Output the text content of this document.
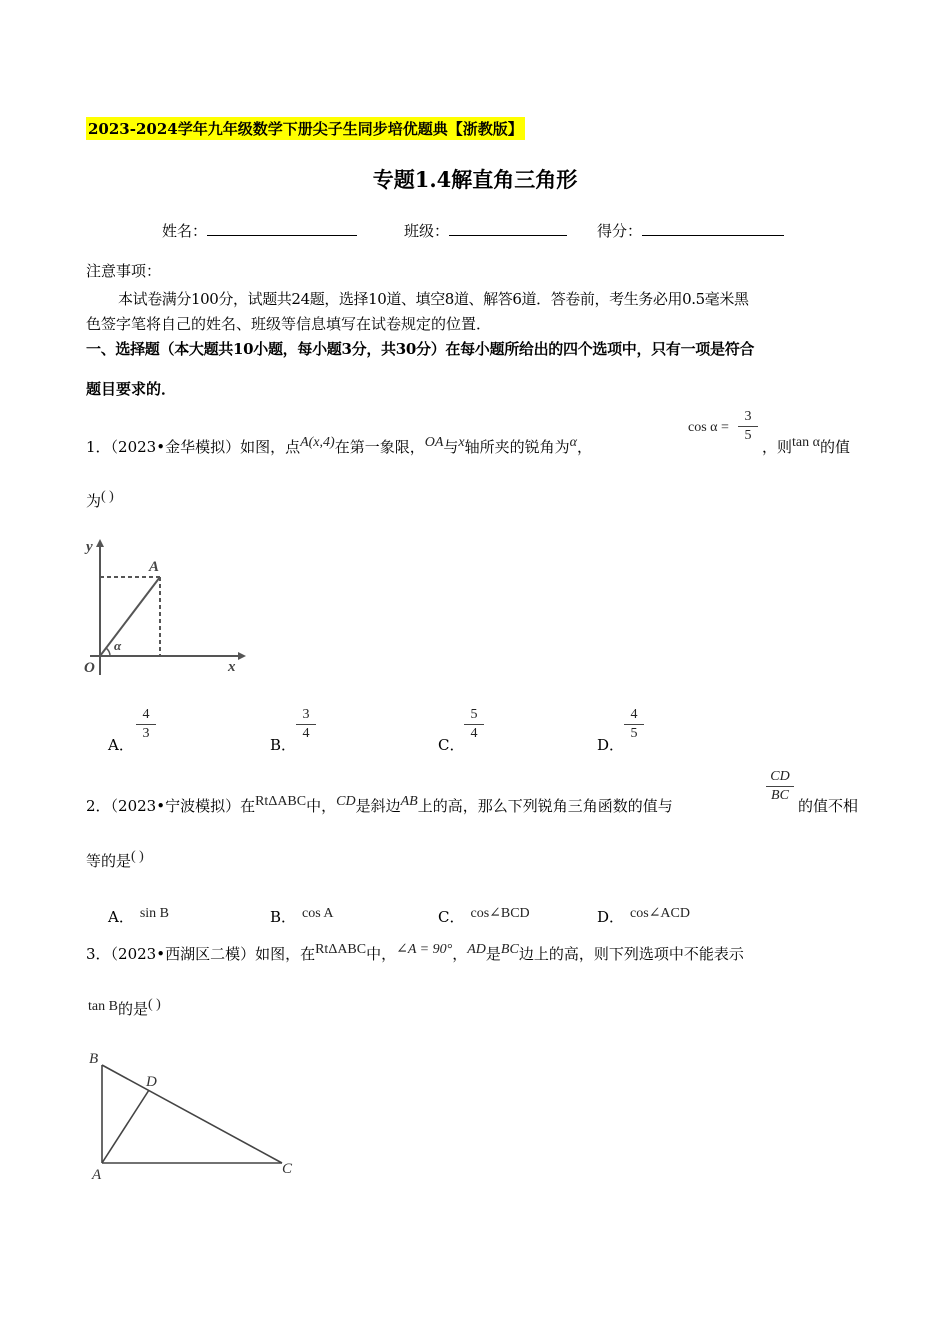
2023-2024学年九年级数学下册尖子生同步培优题典【浙教版】
专题1.4解直角三角形
姓名：	班级：	得分：
注意事项：
本试卷满分100分，试题共24题，选择10道、填空8道、解答6道．答卷前，考生务必用0.5毫米黑
色签字笔将自己的姓名、班级等信息填写在试卷规定的位置．
一、选择题（本大题共10小题，每小题3分，共30分）在每小题所给出的四个选项中，只有一项是符合
题目要求的．
1．（2023•金华模拟）如图，点A(x,4)在第一象限，OA与x轴所夹的锐角为α，
$\cos \alpha = \frac{3}{5}$
，则tan α的值
为( )
y
x
O
A
α
A．
$\frac{4}{3}$
B．
$\frac{3}{4}$
C．
$\frac{5}{4}$
D．
$\frac{4}{5}$
2．（2023•宁波模拟）在RtΔABC中，CD是斜边AB上的高，那么下列锐角三角函数的值与
$\frac{CD}{BC}$
的值不相
等的是( )
A． sin B	B． cos A	C． cos∠BCD	D． cos∠ACD
3．（2023•西湖区二模）如图，在RtΔABC中，∠A = 90°，AD是BC边上的高，则下列选项中不能表示
tan B的是( )
B
D
A	C
